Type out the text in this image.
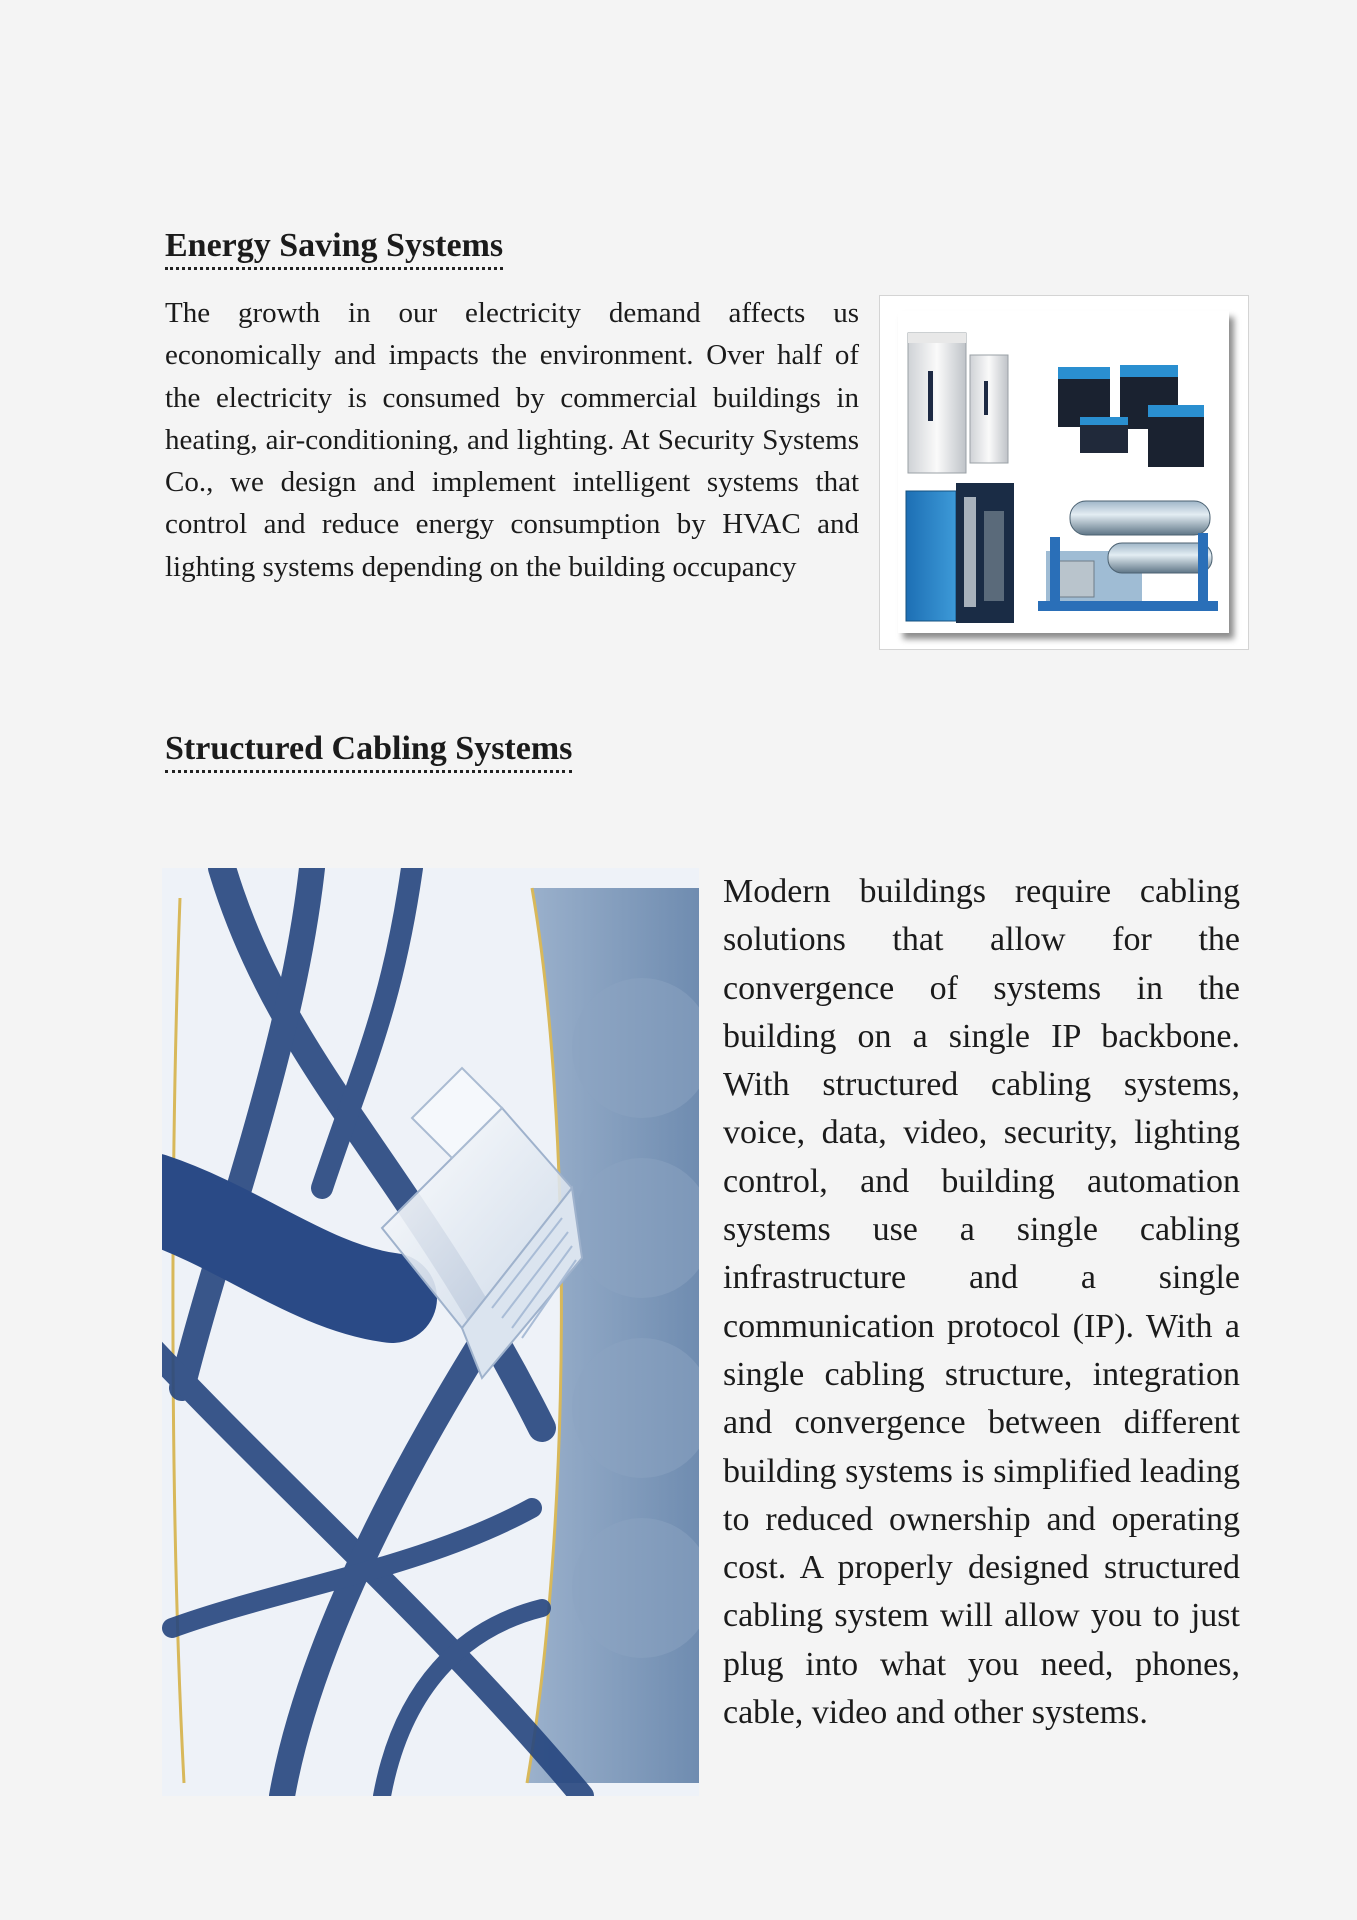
Energy Saving Systems

The growth in our electricity demand affects us economically and impacts the environment. Over half of the electricity is consumed by commercial buildings in heating, air-conditioning, and lighting. At Security Systems Co., we design and implement intelligent systems that control and reduce energy consumption by HVAC and lighting systems depending on the building occupancy

Structured Cabling Systems

Modern buildings require cabling solutions that allow for the convergence of systems in the building on a single IP backbone. With structured cabling systems, voice, data, video, security, lighting control, and building automation systems use a single cabling infrastructure and a single communication protocol (IP). With a single cabling structure, integration and convergence between different building systems is simplified leading to reduced ownership and operating cost. A properly designed structured cabling system will allow you to just plug into what you need, phones, cable, video and other systems.
